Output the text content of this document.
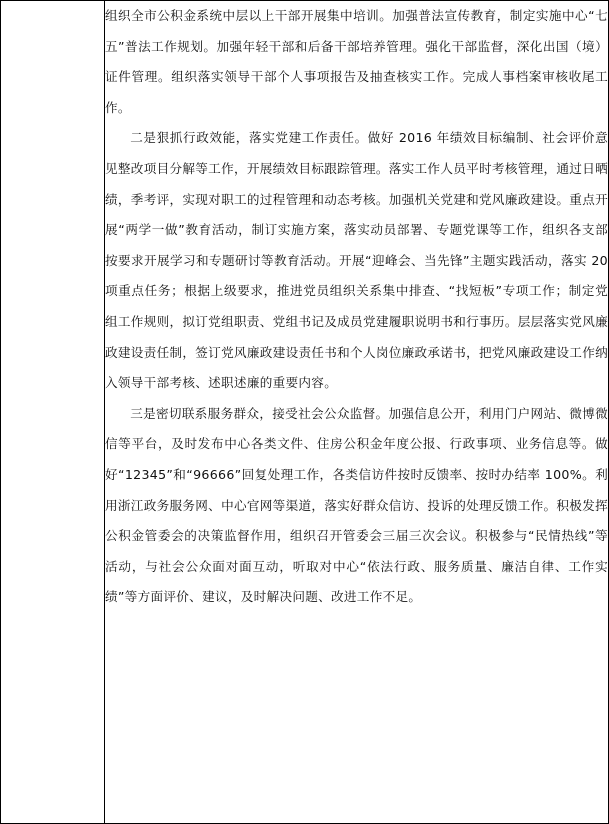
组织全市公积金系统中层以上干部开展集中培训。加强普法宣传教育，制定实施中心“七五”普法工作规划。加强年轻干部和后备干部培养管理。强化干部监督，深化出国（境）证件管理。组织落实领导干部个人事项报告及抽查核实工作。完成人事档案审核收尾工作。

二是狠抓行政效能，落实党建工作责任。做好 2016 年绩效目标编制、社会评价意见整改项目分解等工作，开展绩效目标跟踪管理。落实工作人员平时考核管理，通过日晒绩，季考评，实现对职工的过程管理和动态考核。加强机关党建和党风廉政建设。重点开展“两学一做”教育活动，制订实施方案，落实动员部署、专题党课等工作，组织各支部按要求开展学习和专题研讨等教育活动。开展“迎峰会、当先锋”主题实践活动，落实 20 项重点任务；根据上级要求，推进党员组织关系集中排查、“找短板”专项工作；制定党组工作规则，拟订党组职责、党组书记及成员党建履职说明书和行事历。层层落实党风廉政建设责任制，签订党风廉政建设责任书和个人岗位廉政承诺书，把党风廉政建设工作纳入领导干部考核、述职述廉的重要内容。

三是密切联系服务群众，接受社会公众监督。加强信息公开，利用门户网站、微博微信等平台，及时发布中心各类文件、住房公积金年度公报、行政事项、业务信息等。做好“12345”和“96666”回复处理工作，各类信访件按时反馈率、按时办结率 100%。利用浙江政务服务网、中心官网等渠道，落实好群众信访、投诉的处理反馈工作。积极发挥公积金管委会的决策监督作用，组织召开管委会三届三次会议。积极参与“民情热线”等活动，与社会公众面对面互动，听取对中心“依法行政、服务质量、廉洁自律、工作实绩”等方面评价、建议，及时解决问题、改进工作不足。
